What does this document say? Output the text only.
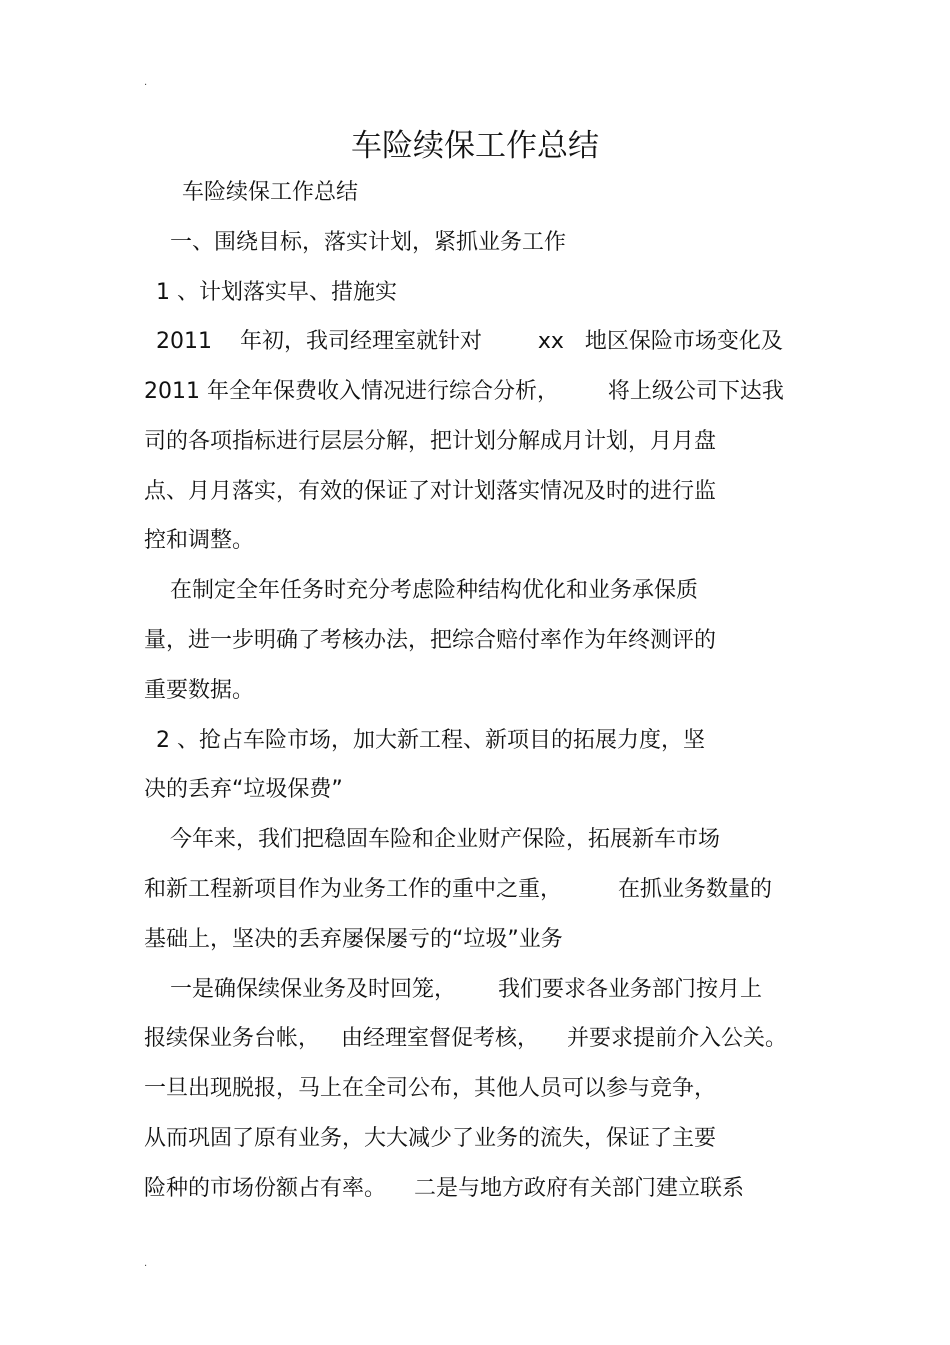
.
车险续保工作总结
车险续保工作总结
一、围绕目标，落实计划，紧抓业务工作
1 、计划落实早、措施实
2011    年初，我司经理室就针对        xx   地区保险市场变化及
2011 年全年保费收入情况进行综合分析，       将上级公司下达我
司的各项指标进行层层分解，把计划分解成月计划，月月盘
点、月月落实，有效的保证了对计划落实情况及时的进行监
控和调整。
在制定全年任务时充分考虑险种结构优化和业务承保质
量，进一步明确了考核办法，把综合赔付率作为年终测评的
重要数据。
2 、抢占车险市场，加大新工程、新项目的拓展力度，坚
决的丢弃“垃圾保费”
今年来，我们把稳固车险和企业财产保险，拓展新车市场
和新工程新项目作为业务工作的重中之重，        在抓业务数量的
基础上，坚决的丢弃屡保屡亏的“垃圾”业务
一是确保续保业务及时回笼，      我们要求各业务部门按月上
报续保业务台帐，   由经理室督促考核，    并要求提前介入公关。
一旦出现脱报，马上在全司公布，其他人员可以参与竞争，
从而巩固了原有业务，大大减少了业务的流失，保证了主要
险种的市场份额占有率。    二是与地方政府有关部门建立联系
.
